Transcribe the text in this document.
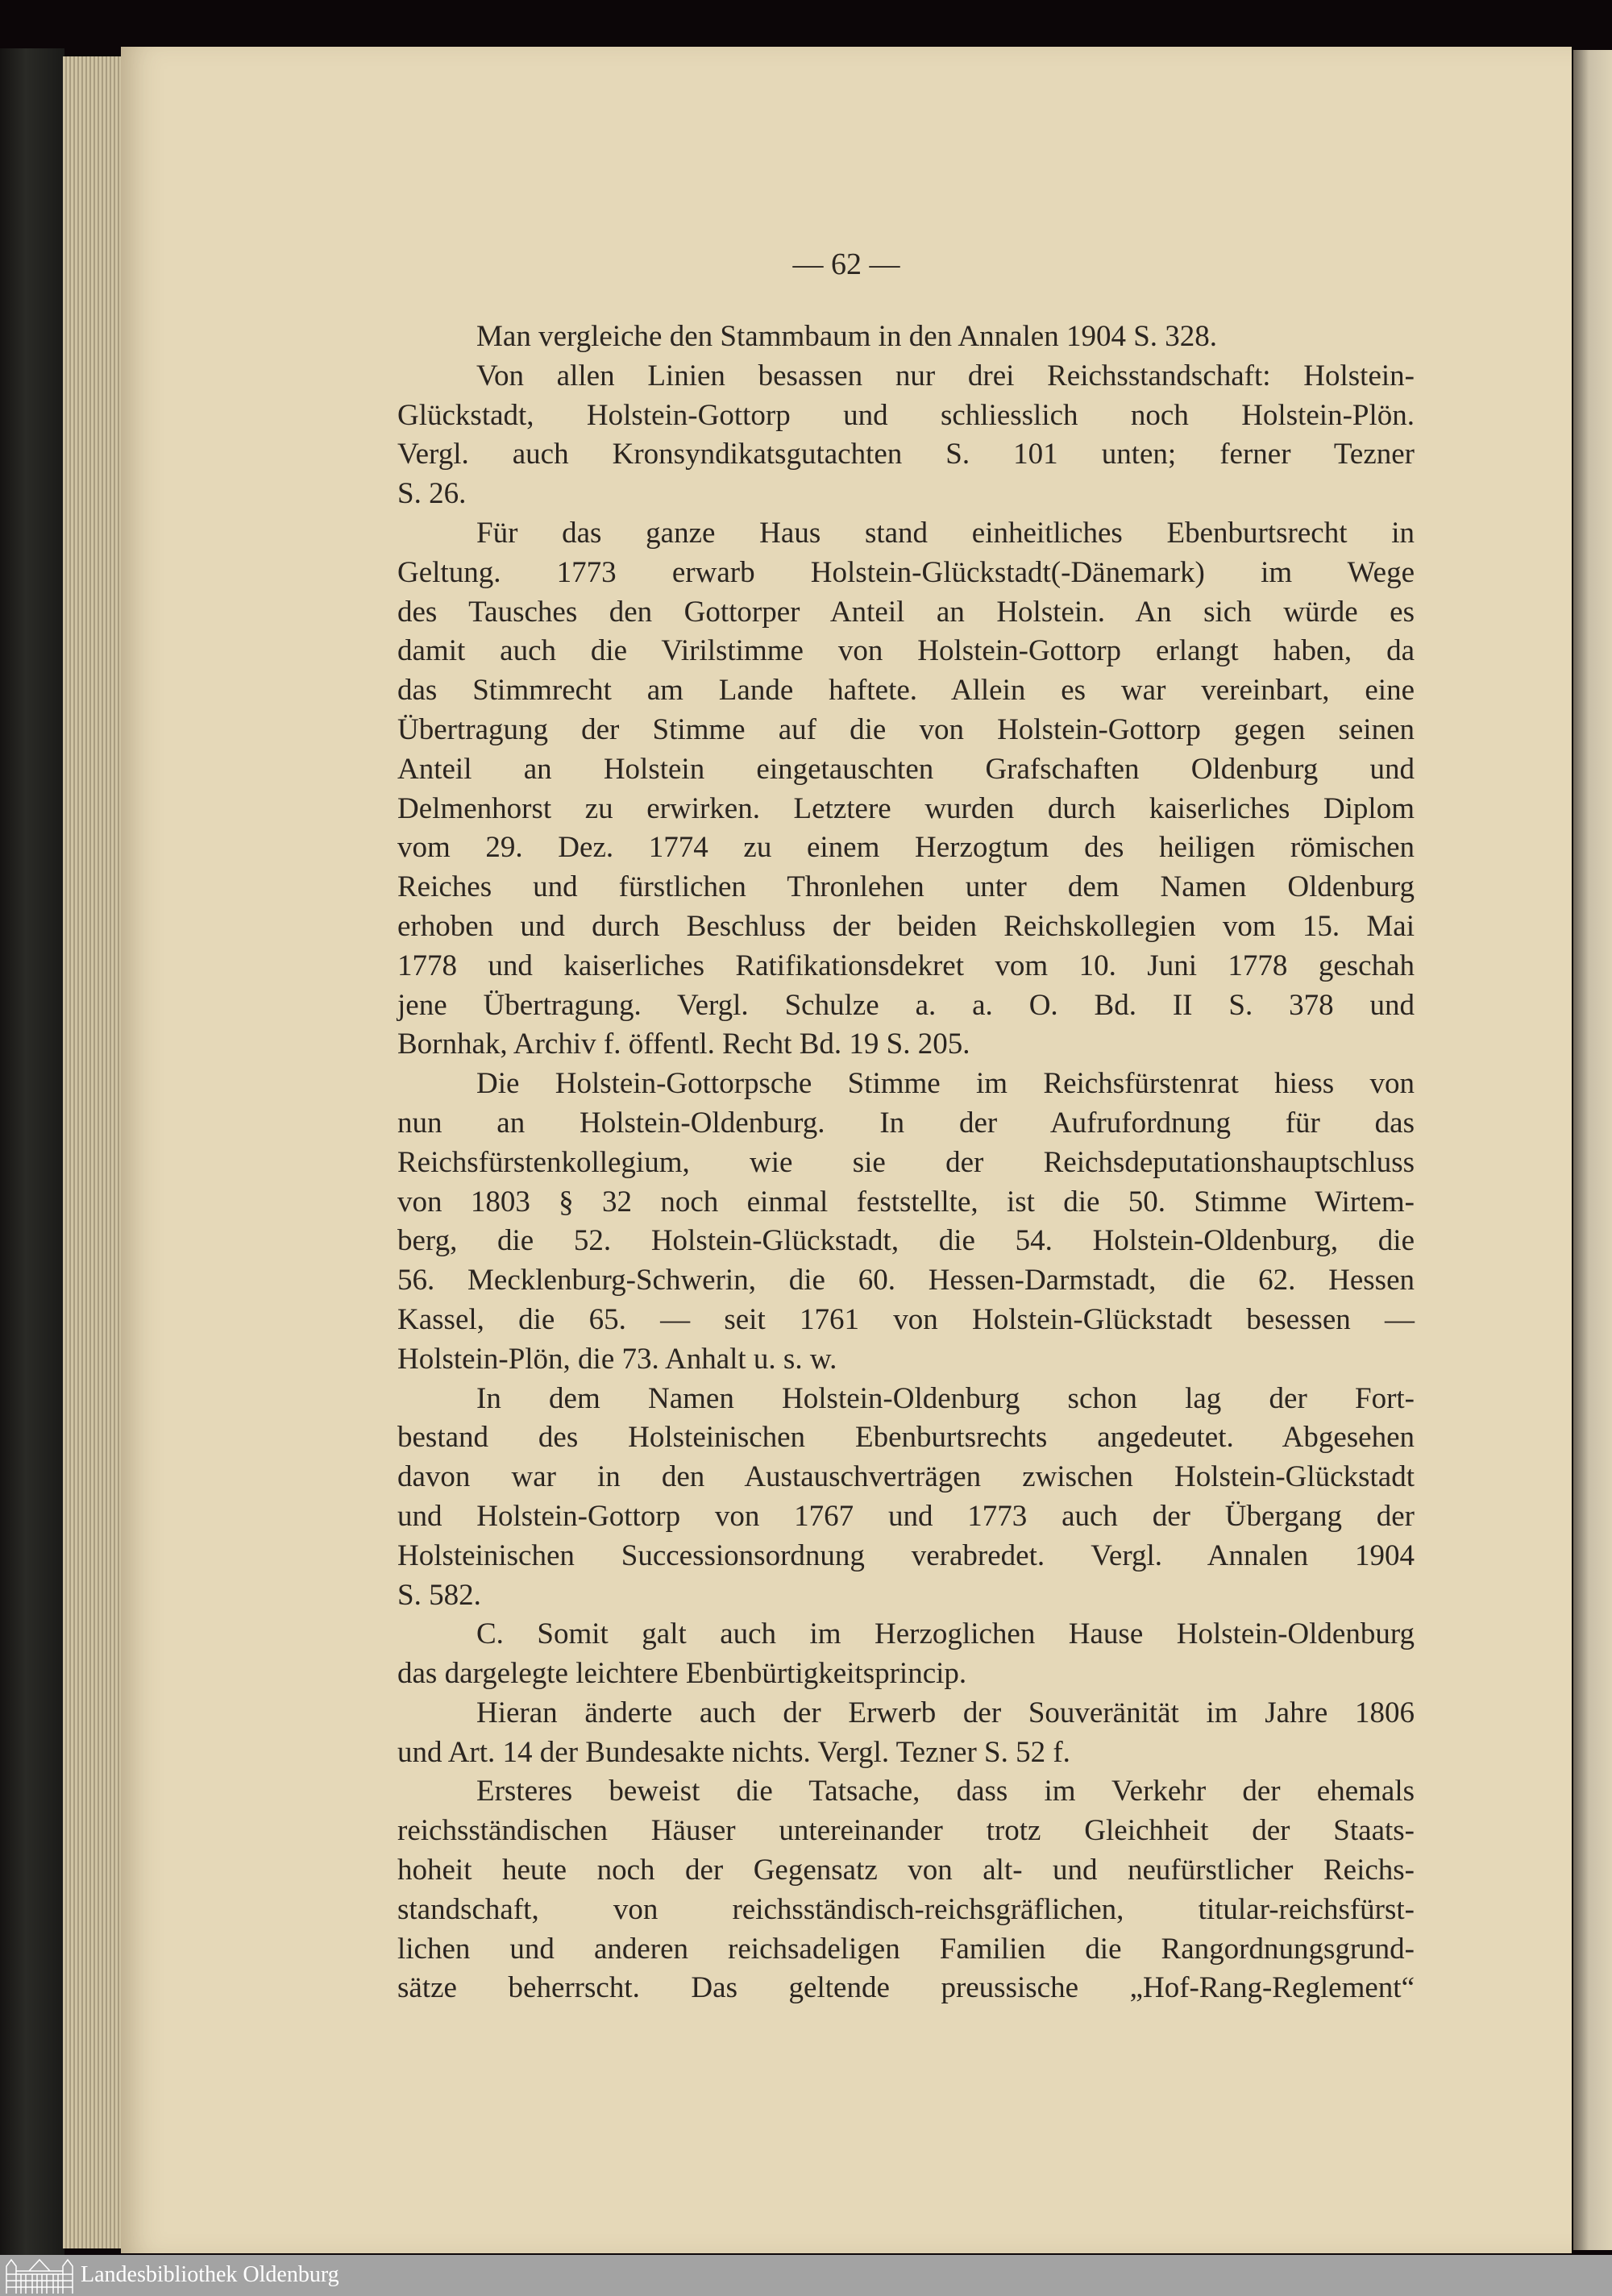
— 62 —
Man vergleiche den Stammbaum in den Annalen 1904 S. 328.
Von allen Linien besassen nur drei Reichsstandschaft: Holstein-
Glückstadt, Holstein-Gottorp und schliesslich noch Holstein-Plön.
Vergl. auch Kronsyndikatsgutachten S. 101 unten; ferner Tezner
S. 26.
Für das ganze Haus stand einheitliches Ebenburtsrecht in
Geltung. 1773 erwarb Holstein-Glückstadt(-Dänemark) im Wege
des Tausches den Gottorper Anteil an Holstein. An sich würde es
damit auch die Virilstimme von Holstein-Gottorp erlangt haben, da
das Stimmrecht am Lande haftete. Allein es war vereinbart, eine
Übertragung der Stimme auf die von Holstein-Gottorp gegen seinen
Anteil an Holstein eingetauschten Grafschaften Oldenburg und
Delmenhorst zu erwirken. Letztere wurden durch kaiserliches Diplom
vom 29. Dez. 1774 zu einem Herzogtum des heiligen römischen
Reiches und fürstlichen Thronlehen unter dem Namen Oldenburg
erhoben und durch Beschluss der beiden Reichskollegien vom 15. Mai
1778 und kaiserliches Ratifikationsdekret vom 10. Juni 1778 geschah
jene Übertragung. Vergl. Schulze a. a. O. Bd. II S. 378 und
Bornhak, Archiv f. öffentl. Recht Bd. 19 S. 205.
Die Holstein-Gottorpsche Stimme im Reichsfürstenrat hiess von
nun an Holstein-Oldenburg. In der Aufrufordnung für das
Reichsfürstenkollegium, wie sie der Reichsdeputationshauptschluss
von 1803 § 32 noch einmal feststellte, ist die 50. Stimme Wirtem-
berg, die 52. Holstein-Glückstadt, die 54. Holstein-Oldenburg, die
56. Mecklenburg-Schwerin, die 60. Hessen-Darmstadt, die 62. Hessen
Kassel, die 65. — seit 1761 von Holstein-Glückstadt besessen —
Holstein-Plön, die 73. Anhalt u. s. w.
In dem Namen Holstein-Oldenburg schon lag der Fort-
bestand des Holsteinischen Ebenburtsrechts angedeutet. Abgesehen
davon war in den Austauschverträgen zwischen Holstein-Glückstadt
und Holstein-Gottorp von 1767 und 1773 auch der Übergang der
Holsteinischen Successionsordnung verabredet. Vergl. Annalen 1904
S. 582.
C. Somit galt auch im Herzoglichen Hause Holstein-Oldenburg
das dargelegte leichtere Ebenbürtigkeitsprincip.
Hieran änderte auch der Erwerb der Souveränität im Jahre 1806
und Art. 14 der Bundesakte nichts. Vergl. Tezner S. 52 f.
Ersteres beweist die Tatsache, dass im Verkehr der ehemals
reichsständischen Häuser untereinander trotz Gleichheit der Staats-
hoheit heute noch der Gegensatz von alt- und neufürstlicher Reichs-
standschaft, von reichsständisch-reichsgräflichen, titular-reichsfürst-
lichen und anderen reichsadeligen Familien die Rangordnungsgrund-
sätze beherrscht. Das geltende preussische „Hof-Rang-Reglement“
Landesbibliothek Oldenburg
